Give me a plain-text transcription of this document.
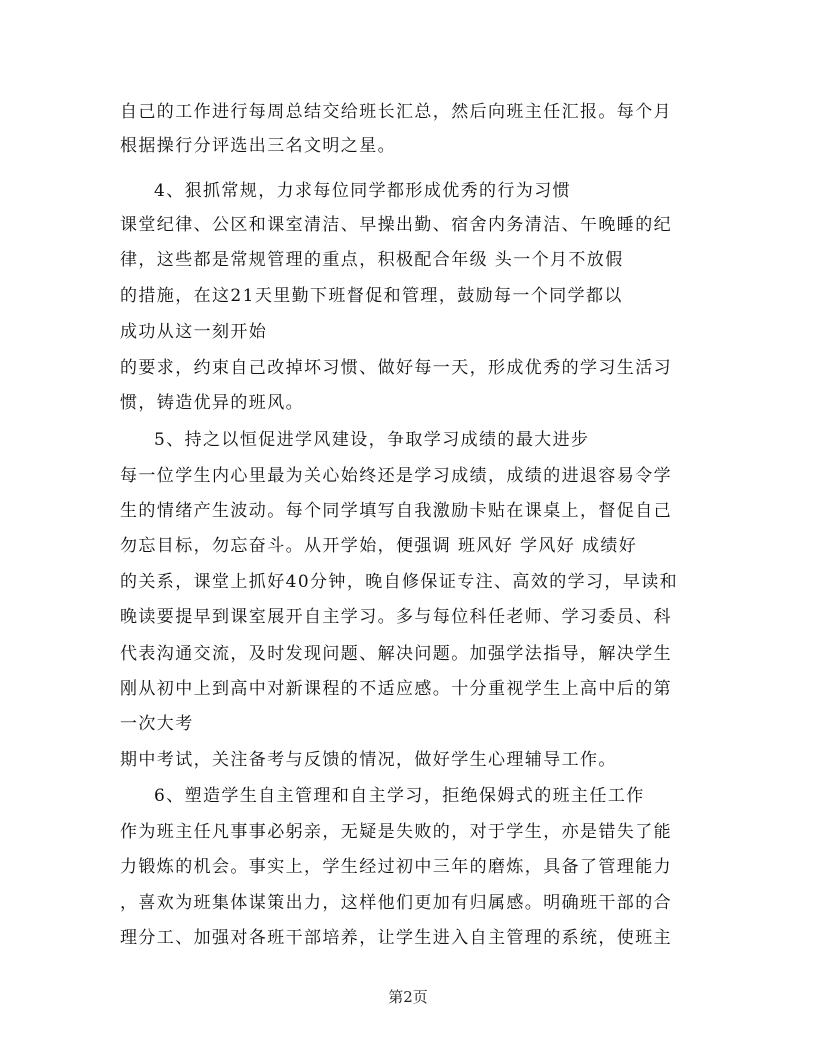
自己的工作进行每周总结交给班长汇总，然后向班主任汇报。每个月
根据操行分评选出三名文明之星。
4、狠抓常规，力求每位同学都形成优秀的行为习惯
课堂纪律、公区和课室清洁、早操出勤、宿舍内务清洁、午晚睡的纪
律，这些都是常规管理的重点，积极配合年级 头一个月不放假
的措施，在这21天里勤下班督促和管理，鼓励每一个同学都以
成功从这一刻开始
的要求，约束自己改掉坏习惯、做好每一天，形成优秀的学习生活习
惯，铸造优异的班风。
5、持之以恒促进学风建设，争取学习成绩的最大进步
每一位学生内心里最为关心始终还是学习成绩，成绩的进退容易令学
生的情绪产生波动。每个同学填写自我激励卡贴在课桌上，督促自己
勿忘目标，勿忘奋斗。从开学始，便强调 班风好 学风好 成绩好
的关系，课堂上抓好40分钟，晚自修保证专注、高效的学习，早读和
晚读要提早到课室展开自主学习。多与每位科任老师、学习委员、科
代表沟通交流，及时发现问题、解决问题。加强学法指导，解决学生
刚从初中上到高中对新课程的不适应感。十分重视学生上高中后的第
一次大考
期中考试，关注备考与反馈的情况，做好学生心理辅导工作。
6、塑造学生自主管理和自主学习，拒绝保姆式的班主任工作
作为班主任凡事事必躬亲，无疑是失败的，对于学生，亦是错失了能
力锻炼的机会。事实上，学生经过初中三年的磨炼，具备了管理能力
，喜欢为班集体谋策出力，这样他们更加有归属感。明确班干部的合
理分工、加强对各班干部培养，让学生进入自主管理的系统，使班主
第2页
